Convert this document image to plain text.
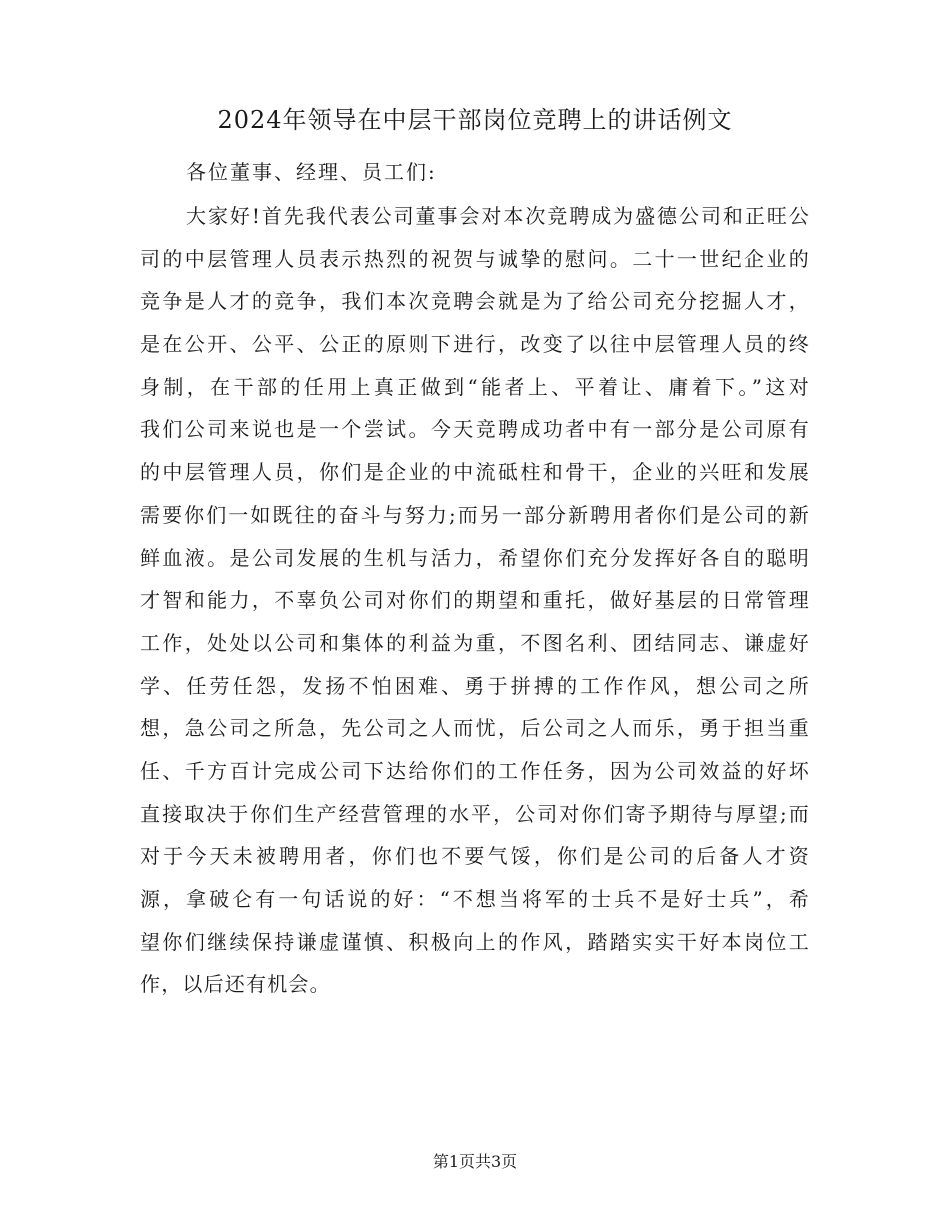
2024年领导在中层干部岗位竞聘上的讲话例文
各位董事、经理、员工们:
大家好!首先我代表公司董事会对本次竞聘成为盛德公司和正旺公
司的中层管理人员表示热烈的祝贺与诚挚的慰问。二十一世纪企业的
竞争是人才的竞争，我们本次竞聘会就是为了给公司充分挖掘人才，
是在公开、公平、公正的原则下进行，改变了以往中层管理人员的终
身制，在干部的任用上真正做到“能者上、平着让、庸着下。”这对
我们公司来说也是一个尝试。今天竞聘成功者中有一部分是公司原有
的中层管理人员，你们是企业的中流砥柱和骨干，企业的兴旺和发展
需要你们一如既往的奋斗与努力;而另一部分新聘用者你们是公司的新
鲜血液。是公司发展的生机与活力，希望你们充分发挥好各自的聪明
才智和能力，不辜负公司对你们的期望和重托，做好基层的日常管理
工作，处处以公司和集体的利益为重，不图名利、团结同志、谦虚好
学、任劳任怨，发扬不怕困难、勇于拼搏的工作作风，想公司之所
想，急公司之所急，先公司之人而忧，后公司之人而乐，勇于担当重
任、千方百计完成公司下达给你们的工作任务，因为公司效益的好坏
直接取决于你们生产经营管理的水平，公司对你们寄予期待与厚望;而
对于今天未被聘用者，你们也不要气馁，你们是公司的后备人才资
源，拿破仑有一句话说的好：“不想当将军的士兵不是好士兵”，希
望你们继续保持谦虚谨慎、积极向上的作风，踏踏实实干好本岗位工
作，以后还有机会。
第1页共3页
